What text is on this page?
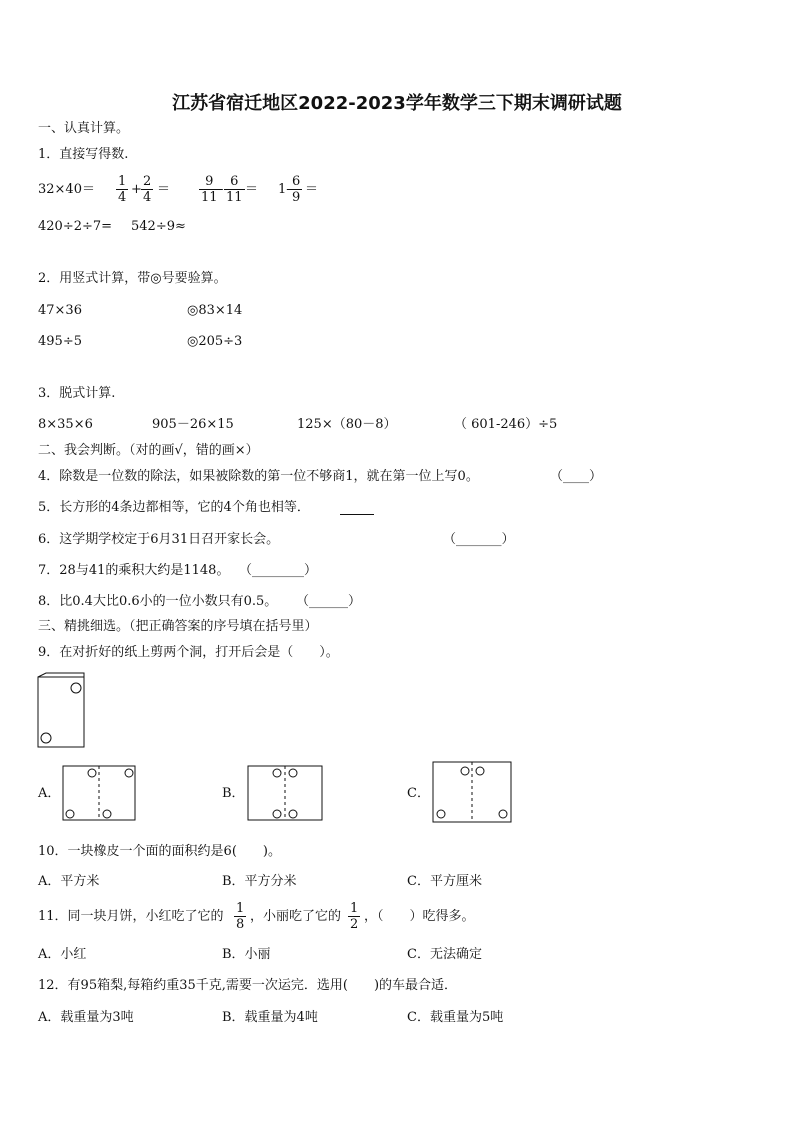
江苏省宿迁地区2022-2023学年数学三下期末调研试题
一、认真计算。
1．直接写得数.
$32\times 40= \frac{1}{4} + \frac{2}{4} = \frac{9}{11} - \frac{6}{11} = 1- \frac{6}{9}$ ＝
420÷2÷7= 542÷9≈
2．用竖式计算，带◎号要验算。
47×36	◎83×14
495÷5	◎205÷3
3．脱式计算.
8×35×6	905－26×15	125×（80－8）	（ 601-246）÷5
二、我会判断。（对的画√，错的画×）
4．除数是一位数的除法，如果被除数的第一位不够商1，就在第一位上写0。	（____）
5．长方形的4条边都相等，它的4个角也相等．
6．这学期学校定于6月31日召开家长会。	（_______）
7．28与41的乘积大约是1148。 （________）
8．比0.4大比0.6小的一位小数只有0.5。 （______）
三、精挑细选。（把正确答案的序号填在括号里）
9．在对折好的纸上剪两个洞，打开后会是（　　）。
A．	B．	C．
10．一块橡皮一个面的面积约是6(　　)。
A．平方米	B．平方分米	C．平方厘米
11．同一块月饼，小红吃了它的 $\frac{1}{8}$ ，小丽吃了它的 $\frac{1}{2}$ ，（　　）吃得多。
A．小红	B．小丽	C．无法确定
12．有95箱梨,每箱约重35千克,需要一次运完．选用(　　)的车最合适．
A．载重量为3吨	B．载重量为4吨	C．载重量为5吨
